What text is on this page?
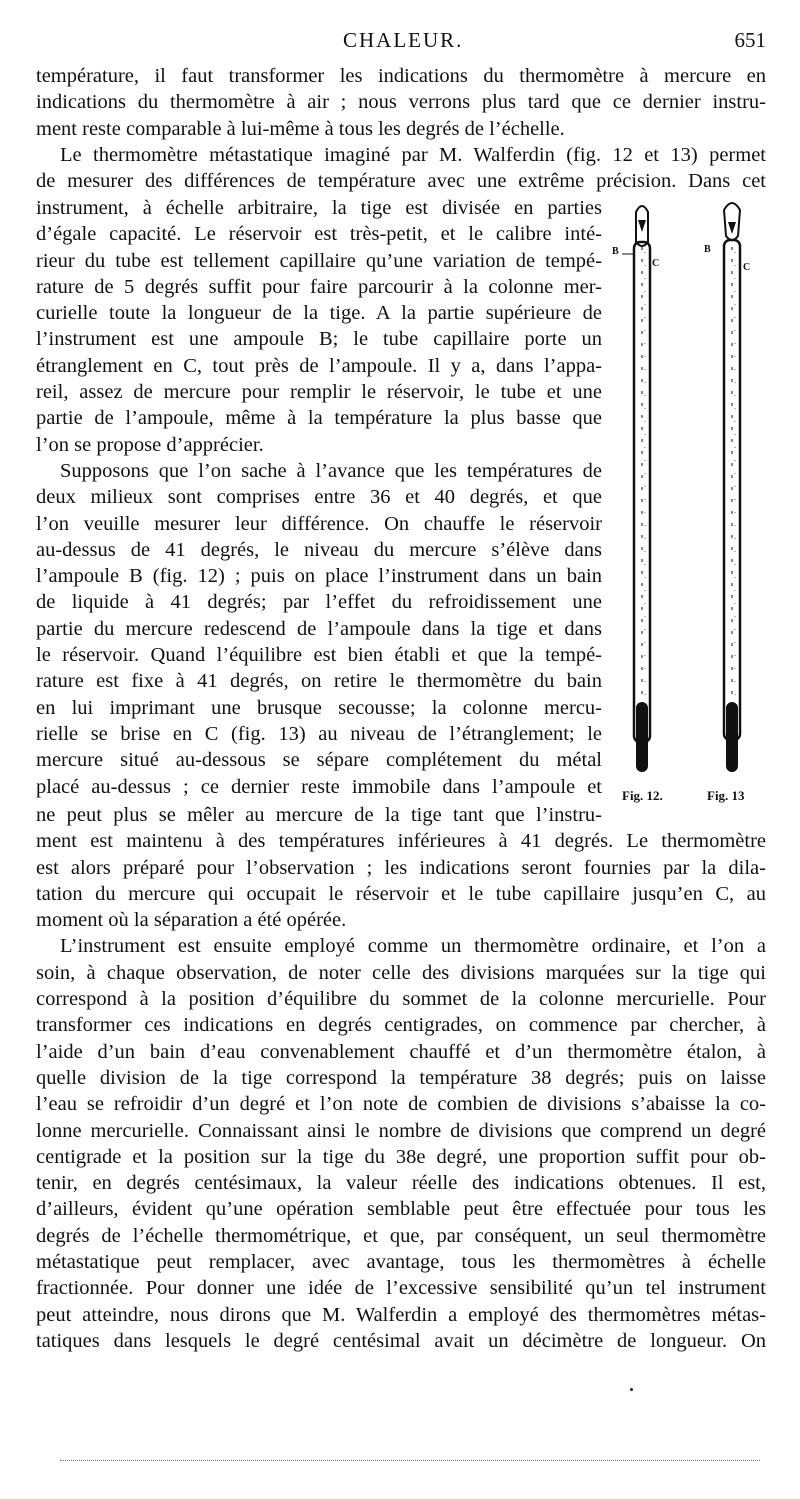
CHALEUR.	651
température, il faut transformer les indications du thermomètre à mercure en
indications du thermomètre à air ; nous verrons plus tard que ce dernier instru-
ment reste comparable à lui-même à tous les degrés de l’échelle.
Le thermomètre métastatique imaginé par M. Walferdin (fig. 12 et 13) permet
de mesurer des différences de température avec une extrême précision. Dans cet
instrument, à échelle arbitraire, la tige est divisée en parties
d’égale capacité. Le réservoir est très-petit, et le calibre inté-
rieur du tube est tellement capillaire qu’une variation de tempé-
rature de 5 degrés suffit pour faire parcourir à la colonne mer-
curielle toute la longueur de la tige. A la partie supérieure de
l’instrument est une ampoule B; le tube capillaire porte un
étranglement en C, tout près de l’ampoule. Il y a, dans l’appa-
reil, assez de mercure pour remplir le réservoir, le tube et une
partie de l’ampoule, même à la température la plus basse que
l’on se propose d’apprécier.
Supposons que l’on sache à l’avance que les températures de
deux milieux sont comprises entre 36 et 40 degrés, et que
l’on veuille mesurer leur différence. On chauffe le réservoir
au-dessus de 41 degrés, le niveau du mercure s’élève dans
l’ampoule B (fig. 12) ; puis on place l’instrument dans un bain
de liquide à 41 degrés; par l’effet du refroidissement une
partie du mercure redescend de l’ampoule dans la tige et dans
le réservoir. Quand l’équilibre est bien établi et que la tempé-
rature est fixe à 41 degrés, on retire le thermomètre du bain
en lui imprimant une brusque secousse; la colonne mercu-
rielle se brise en C (fig. 13) au niveau de l’étranglement; le
mercure situé au-dessous se sépare complétement du métal
placé au-dessus ; ce dernier reste immobile dans l’ampoule et
ne peut plus se mêler au mercure de la tige tant que l’instru-
ment est maintenu à des températures inférieures à 41 degrés. Le thermomètre
est alors préparé pour l’observation ; les indications seront fournies par la dila-
tation du mercure qui occupait le réservoir et le tube capillaire jusqu’en C, au
moment où la séparation a été opérée.
L’instrument est ensuite employé comme un thermomètre ordinaire, et l’on a
soin, à chaque observation, de noter celle des divisions marquées sur la tige qui
correspond à la position d’équilibre du sommet de la colonne mercurielle. Pour
transformer ces indications en degrés centigrades, on commence par chercher, à
l’aide d’un bain d’eau convenablement chauffé et d’un thermomètre étalon, à
quelle division de la tige correspond la température 38 degrés; puis on laisse
l’eau se refroidir d’un degré et l’on note de combien de divisions s’abaisse la co-
lonne mercurielle. Connaissant ainsi le nombre de divisions que comprend un degré
centigrade et la position sur la tige du 38e degré, une proportion suffit pour ob-
tenir, en degrés centésimaux, la valeur réelle des indications obtenues. Il est,
d’ailleurs, évident qu’une opération semblable peut être effectuée pour tous les
degrés de l’échelle thermométrique, et que, par conséquent, un seul thermomètre
métastatique peut remplacer, avec avantage, tous les thermomètres à échelle
fractionnée. Pour donner une idée de l’excessive sensibilité qu’un tel instrument
peut atteindre, nous dirons que M. Walferdin a employé des thermomètres métas-
tatiques dans lesquels le degré centésimal avait un décimètre de longueur. On
B
C
B
C
Fig. 12.	Fig. 13
